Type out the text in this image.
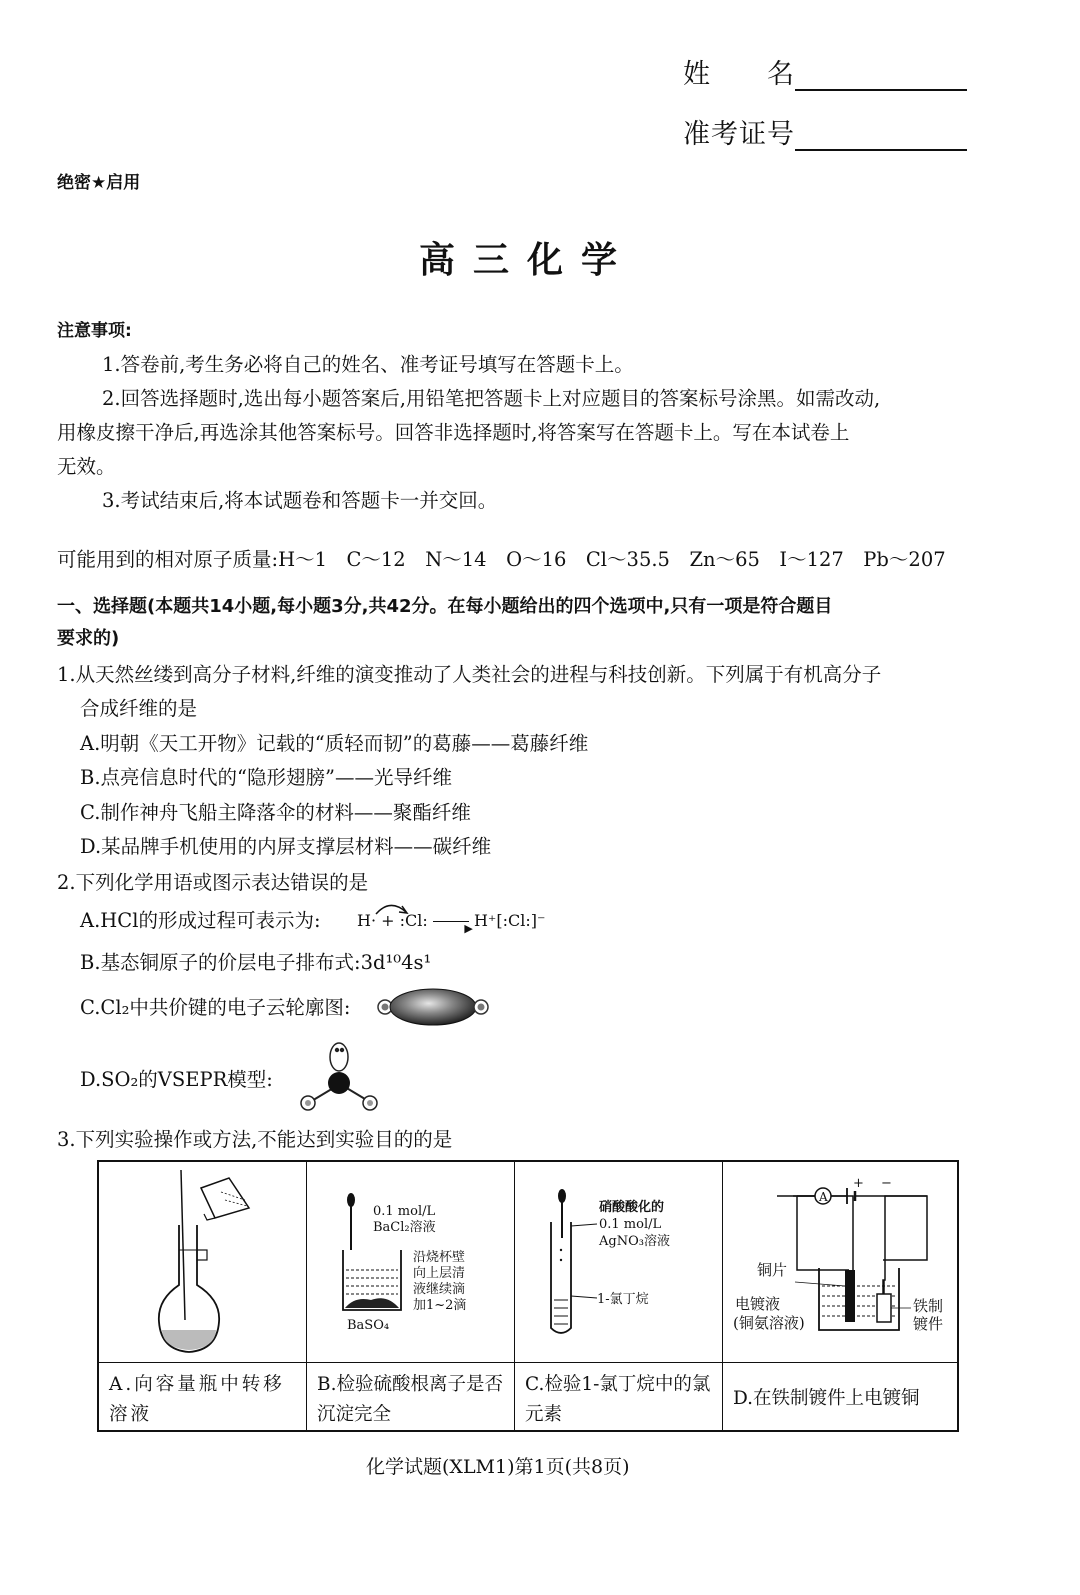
姓　　名
准考证号
绝密★启用
高三化学
注意事项:
1.答卷前,考生务必将自己的姓名、准考证号填写在答题卡上。
2.回答选择题时,选出每小题答案后,用铅笔把答题卡上对应题目的答案标号涂黑。如需改动,
用橡皮擦干净后,再选涂其他答案标号。回答非选择题时,将答案写在答题卡上。写在本试卷上
无效。
3.考试结束后,将本试题卷和答题卡一并交回。
可能用到的相对原子质量:H～1　C～12　N～14　O～16　Cl～35.5　Zn～65　I～127　Pb～207
一、选择题(本题共14小题,每小题3分,共42分。在每小题给出的四个选项中,只有一项是符合题目
要求的)
1.从天然丝缕到高分子材料,纤维的演变推动了人类社会的进程与科技创新。下列属于有机高分子
合成纤维的是
A.明朝《天工开物》记载的“质轻而韧”的葛藤——葛藤纤维
B.点亮信息时代的“隐形翅膀”——光导纤维
C.制作神舟飞船主降落伞的材料——聚酯纤维
D.某品牌手机使用的内屏支撑层材料——碳纤维
2.下列化学用语或图示表达错误的是
A.HCl的形成过程可表示为: H· + :Cl:	▶ H⁺[:Cl:]⁻
B.基态铜原子的价层电子排布式:3d¹⁰4s¹
C.Cl₂中共价键的电子云轮廓图:
D.SO₂的VSEPR模型:
3.下列实验操作或方法,不能达到实验目的的是
A.向容量瓶中转移溶液
0.1 mol/L
BaCl₂溶液
沿烧杯壁
向上层清
液继续滴
加1~2滴
BaSO₄
B.检验硫酸根离子是否沉淀完全
硝酸酸化的
0.1 mol/L
AgNO₃溶液
1-氯丁烷
C.检验1-氯丁烷中的氯元素
A
+ −
铜片
电镀液
(铜氨溶液)
铁制
镀件
D.在铁制镀件上电镀铜
化学试题(XLM1)第1页(共8页)
